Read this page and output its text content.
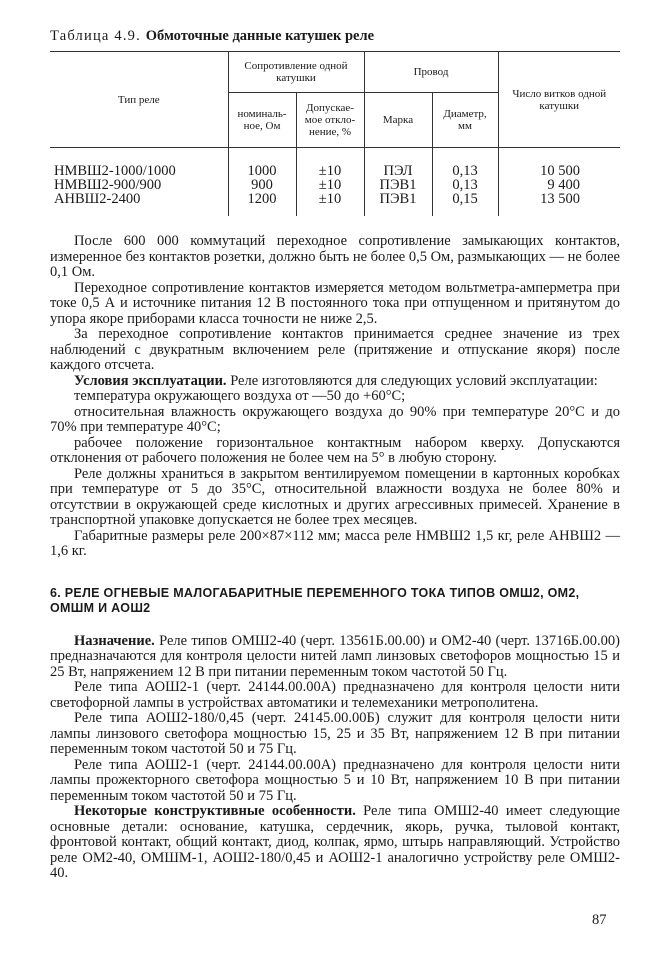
Таблица 4.9. Обмоточные данные катушек реле
Тип реле	Сопротивление одной катушки		Провод		Число витков одной катушки
	номиналь-ное, Ом	Допускае-мое откло-нение, %	Марка	Диаметр, мм	
НМВШ2-1000/1000	1000	±10	ПЭЛ	0,13	10 500
НМВШ2-900/900	900	±10	ПЭВ1	0,13	9 400
АНВШ2-2400	1200	±10	ПЭВ1	0,15	13 500

После 600 000 коммутаций переходное сопротивление замыкающих контактов, измеренное без контактов розетки, должно быть не более 0,5 Ом, размыкающих — не более 0,1 Ом.

Переходное сопротивление контактов измеряется методом вольтметра-амперметра при токе 0,5 А и источнике питания 12 В постоянного тока при отпущенном и притянутом до упора якоре приборами класса точности не ниже 2,5.

За переходное сопротивление контактов принимается среднее значение из трех наблюдений с двукратным включением реле (притяжение и отпускание якоря) после каждого отсчета.

Условия эксплуатации. Реле изготовляются для следующих условий эксплуатации:

температура окружающего воздуха от —50 до +60°С;

относительная влажность окружающего воздуха до 90% при температуре 20°С и до 70% при температуре 40°С;

рабочее положение горизонтальное контактным набором кверху. Допускаются отклонения от рабочего положения не более чем на 5° в любую сторону.

Реле должны храниться в закрытом вентилируемом помещении в картонных коробках при температуре от 5 до 35°С, относительной влажности воздуха не более 80% и отсутствии в окружающей среде кислотных и других агрессивных примесей. Хранение в транспортной упаковке допускается не более трех месяцев.

Габаритные размеры реле 200×87×112 мм; масса реле НМВШ2 1,5 кг, реле АНВШ2 — 1,6 кг.

6. РЕЛЕ ОГНЕВЫЕ МАЛОГАБАРИТНЫЕ ПЕРЕМЕННОГО ТОКА ТИПОВ ОМШ2, ОМ2, ОМШМ И АОШ2

Назначение. Реле типов ОМШ2-40 (черт. 13561Б.00.00) и ОМ2-40 (черт. 13716Б.00.00) предназначаются для контроля целости нитей ламп линзовых светофоров мощностью 15 и 25 Вт, напряжением 12 В при питании переменным током частотой 50 Гц.

Реле типа АОШ2-1 (черт. 24144.00.00А) предназначено для контроля целости нити светофорной лампы в устройствах автоматики и телемеханики метрополитена.

Реле типа АОШ2-180/0,45 (черт. 24145.00.00Б) служит для контроля целости нити лампы линзового светофора мощностью 15, 25 и 35 Вт, напряжением 12 В при питании переменным током частотой 50 и 75 Гц.

Реле типа АОШ2-1 (черт. 24144.00.00А) предназначено для контроля целости нити лампы прожекторного светофора мощностью 5 и 10 Вт, напряжением 10 В при питании переменным током частотой 50 и 75 Гц.

Некоторые конструктивные особенности. Реле типа ОМШ2-40 имеет следующие основные детали: основание, катушка, сердечник, якорь, ручка, тыловой контакт, фронтовой контакт, общий контакт, диод, колпак, ярмо, штырь направляющий. Устройство реле ОМ2-40, ОМШМ-1, АОШ2-180/0,45 и АОШ2-1 аналогично устройству реле ОМШ2-40.

87
